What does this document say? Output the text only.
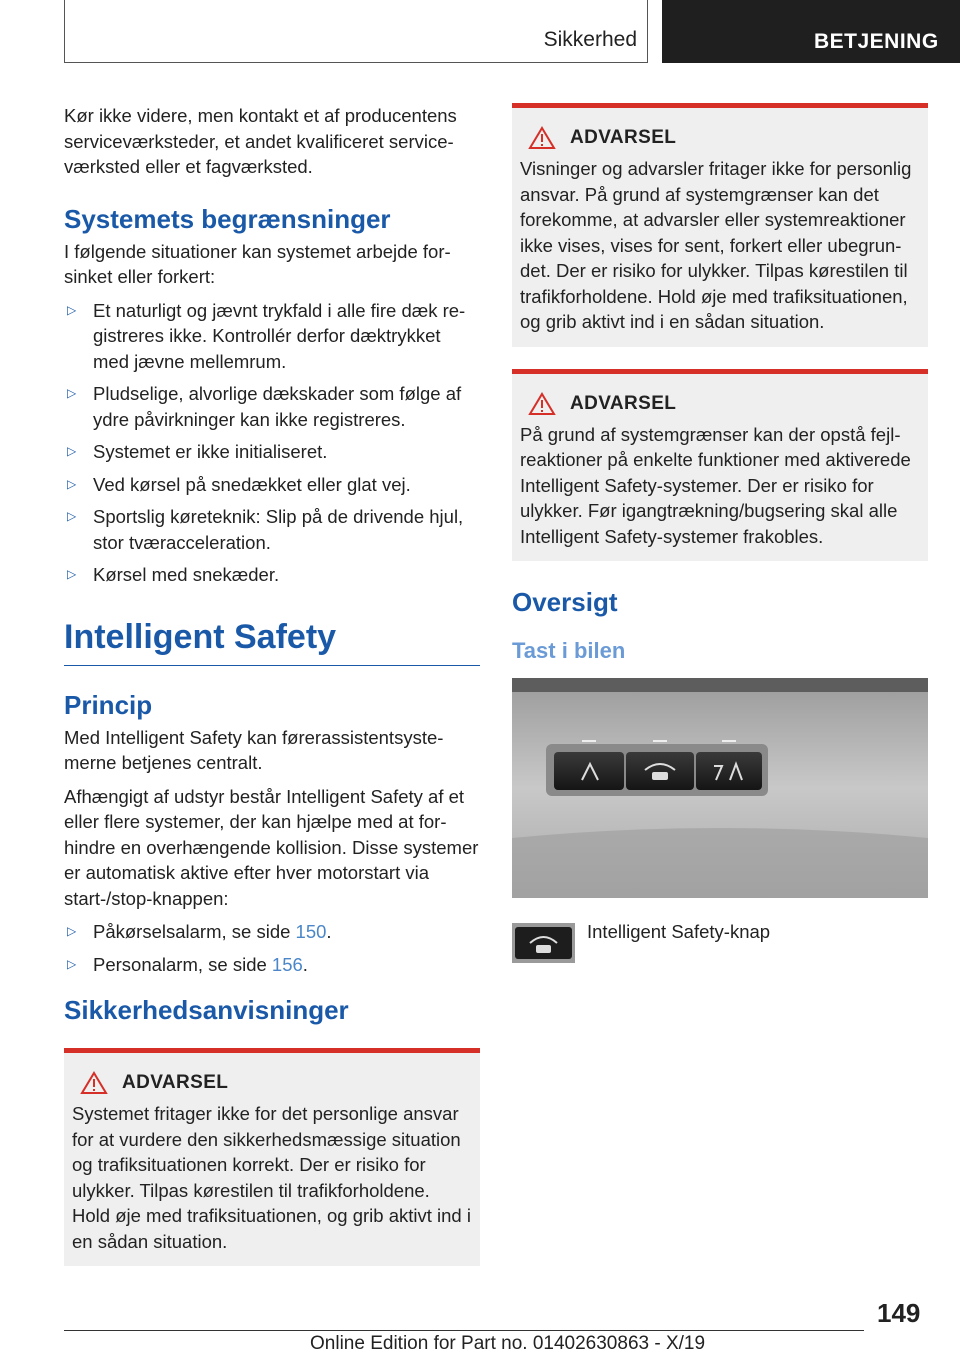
Sikkerhed	BETJENING

Kør ikke videre, men kontakt et af producentens serviceværksteder, et andet kvalificeret serviceværksted eller et fagværksted.

Systemets begrænsninger

I følgende situationer kan systemet arbejde forsinket eller forkert:

▷ Et naturligt og jævnt trykfald i alle fire dæk registreres ikke. Kontrollér derfor dæktrykket med jævne mellemrum.
▷ Pludselige, alvorlige dækskader som følge af ydre påvirkninger kan ikke registreres.
▷ Systemet er ikke initialiseret.
▷ Ved kørsel på snedækket eller glat vej.
▷ Sportslig køreteknik: Slip på de drivende hjul, stor tværacceleration.
▷ Kørsel med snekæder.
Intelligent Safety
Princip

Med Intelligent Safety kan førerassistentsystemerne betjenes centralt.

Afhængigt af udstyr består Intelligent Safety af et eller flere systemer, der kan hjælpe med at forhindre en overhængende kollision. Disse systemer er automatisk aktive efter hver motorstart via start-/stop-knappen:

▷ Påkørselsalarm, se side 150.
▷ Personalarm, se side 156.
Sikkerhedsanvisninger
ADVARSEL

Systemet fritager ikke for det personlige ansvar for at vurdere den sikkerhedsmæssige situation og trafiksituationen korrekt. Der er risiko for ulykker. Tilpas kørestilen til trafikforholdene. Hold øje med trafiksituationen, og grib aktivt ind i en sådan situation.

ADVARSEL

Visninger og advarsler fritager ikke for personlig ansvar. På grund af systemgrænser kan det forekomme, at advarsler eller systemreaktioner ikke vises, vises for sent, forkert eller ubegrundet. Der er risiko for ulykker. Tilpas kørestilen til trafikforholdene. Hold øje med trafiksituationen, og grib aktivt ind i en sådan situation.

ADVARSEL

På grund af systemgrænser kan der opstå fejlreaktioner på enkelte funktioner med aktiverede Intelligent Safety-systemer. Der er risiko for ulykker. Før igangtrækning/bugsering skal alle Intelligent Safety-systemer frakobles.

Oversigt
Tast i bilen
Intelligent Safety-knap
149
Online Edition for Part no. 01402630863 - X/19
